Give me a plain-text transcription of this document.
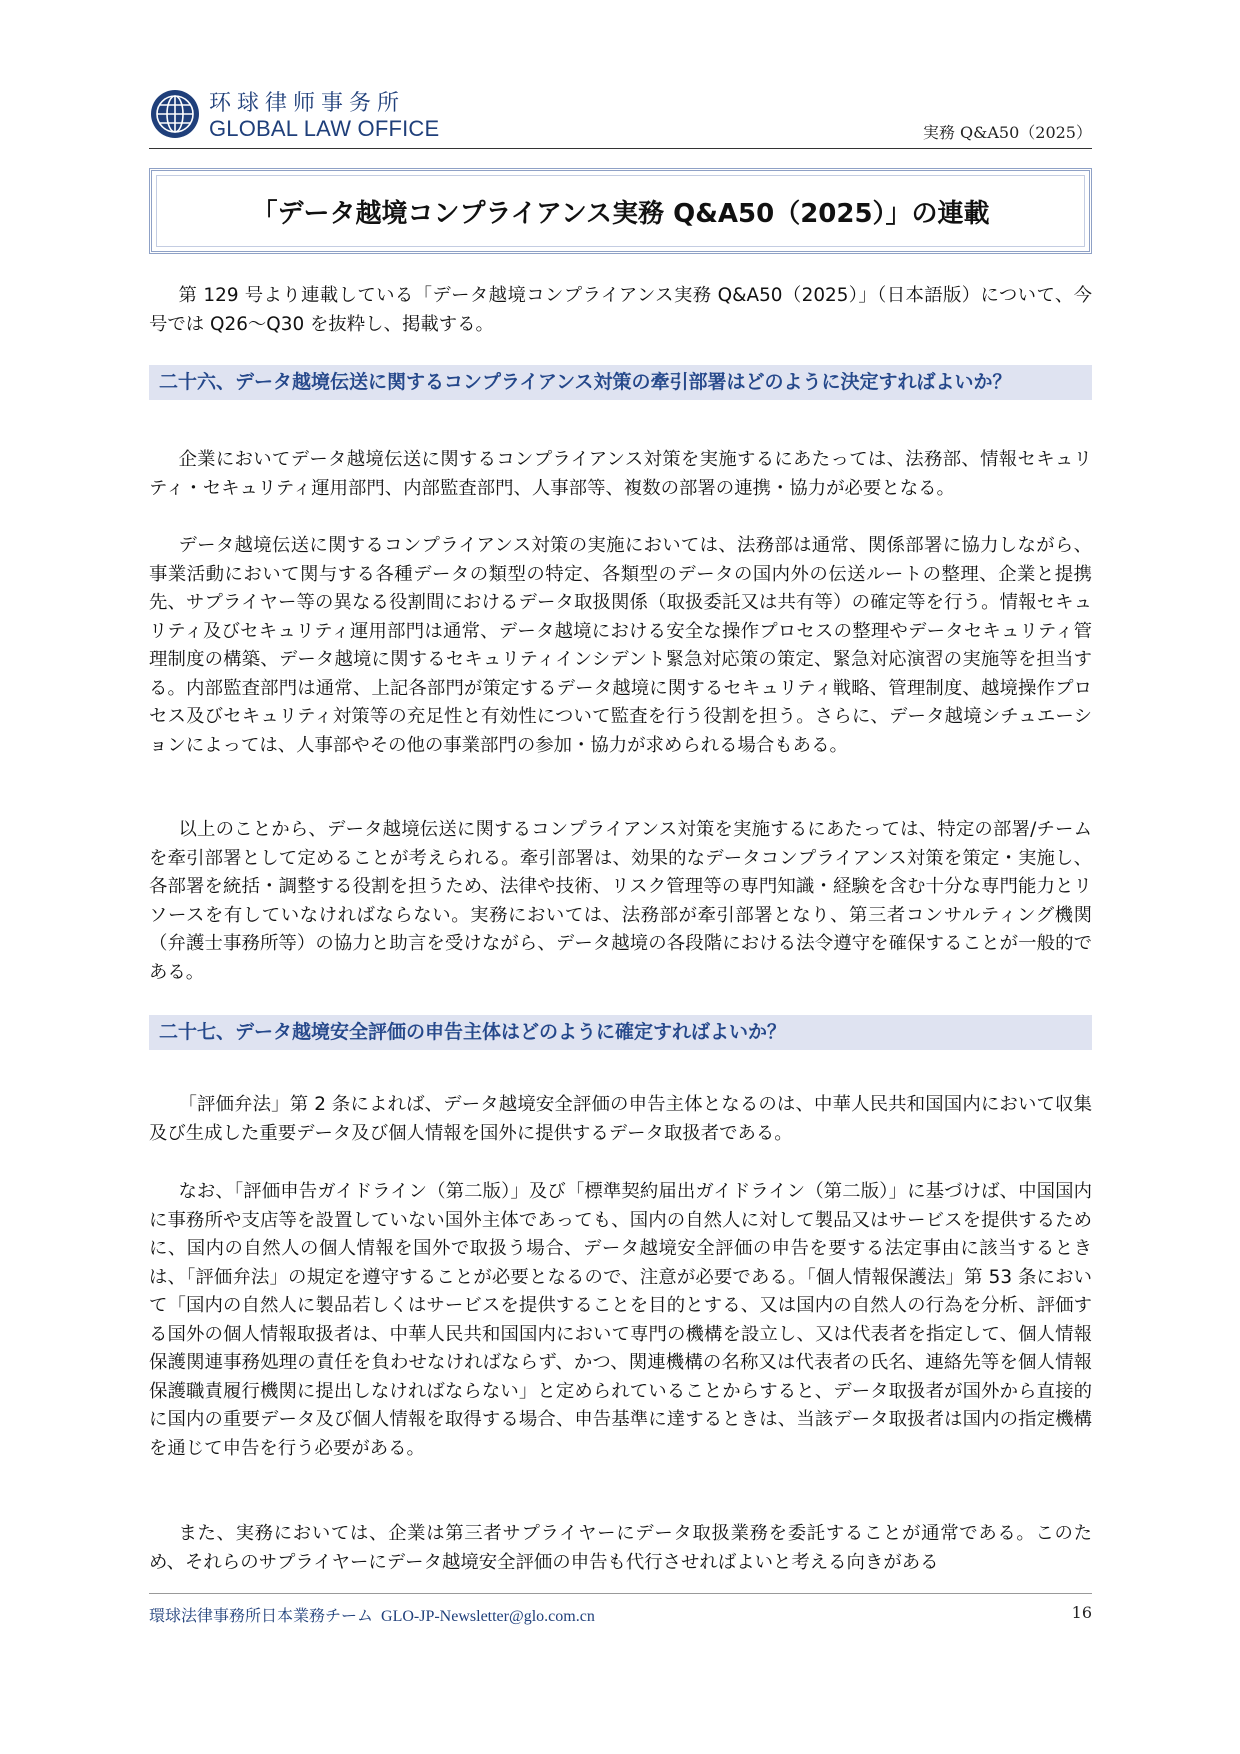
环球律师事务所
GLOBAL LAW OFFICE	実務 Q&A50（2025）
「データ越境コンプライアンス実務 Q&A50（2025）」の連載

第 129 号より連載している「データ越境コンプライアンス実務 Q&A50（2025）」（日本語版）について、今号では Q26～Q30 を抜粋し、掲載する。

二十六、データ越境伝送に関するコンプライアンス対策の牽引部署はどのように決定すればよいか？

企業においてデータ越境伝送に関するコンプライアンス対策を実施するにあたっては、法務部、情報セキュリティ・セキュリティ運用部門、内部監査部門、人事部等、複数の部署の連携・協力が必要となる。

データ越境伝送に関するコンプライアンス対策の実施においては、法務部は通常、関係部署に協力しながら、事業活動において関与する各種データの類型の特定、各類型のデータの国内外の伝送ルートの整理、企業と提携先、サプライヤー等の異なる役割間におけるデータ取扱関係（取扱委託又は共有等）の確定等を行う。情報セキュリティ及びセキュリティ運用部門は通常、データ越境における安全な操作プロセスの整理やデータセキュリティ管理制度の構築、データ越境に関するセキュリティインシデント緊急対応策の策定、緊急対応演習の実施等を担当する。内部監査部門は通常、上記各部門が策定するデータ越境に関するセキュリティ戦略、管理制度、越境操作プロセス及びセキュリティ対策等の充足性と有効性について監査を行う役割を担う。さらに、データ越境シチュエーションによっては、人事部やその他の事業部門の参加・協力が求められる場合もある。

以上のことから、データ越境伝送に関するコンプライアンス対策を実施するにあたっては、特定の部署/チームを牽引部署として定めることが考えられる。牽引部署は、効果的なデータコンプライアンス対策を策定・実施し、各部署を統括・調整する役割を担うため、法律や技術、リスク管理等の専門知識・経験を含む十分な専門能力とリソースを有していなければならない。実務においては、法務部が牽引部署となり、第三者コンサルティング機関（弁護士事務所等）の協力と助言を受けながら、データ越境の各段階における法令遵守を確保することが一般的である。

二十七、データ越境安全評価の申告主体はどのように確定すればよいか？

「評価弁法」第 2 条によれば、データ越境安全評価の申告主体となるのは、中華人民共和国国内において収集及び生成した重要データ及び個人情報を国外に提供するデータ取扱者である。

なお、「評価申告ガイドライン（第二版）」及び「標準契約届出ガイドライン（第二版）」に基づけば、中国国内に事務所や支店等を設置していない国外主体であっても、国内の自然人に対して製品又はサービスを提供するために、国内の自然人の個人情報を国外で取扱う場合、データ越境安全評価の申告を要する法定事由に該当するときは、「評価弁法」の規定を遵守することが必要となるので、注意が必要である。「個人情報保護法」第 53 条において「国内の自然人に製品若しくはサービスを提供することを目的とする、又は国内の自然人の行為を分析、評価する国外の個人情報取扱者は、中華人民共和国国内において専門の機構を設立し、又は代表者を指定して、個人情報保護関連事務処理の責任を負わせなければならず、かつ、関連機構の名称又は代表者の氏名、連絡先等を個人情報保護職責履行機関に提出しなければならない」と定められていることからすると、データ取扱者が国外から直接的に国内の重要データ及び個人情報を取得する場合、申告基準に達するときは、当該データ取扱者は国内の指定機構を通じて申告を行う必要がある。

また、実務においては、企業は第三者サプライヤーにデータ取扱業務を委託することが通常である。このため、それらのサプライヤーにデータ越境安全評価の申告も代行させればよいと考える向きがある

環球法律事務所日本業務チーム GLO-JP-Newsletter@glo.com.cn	16
